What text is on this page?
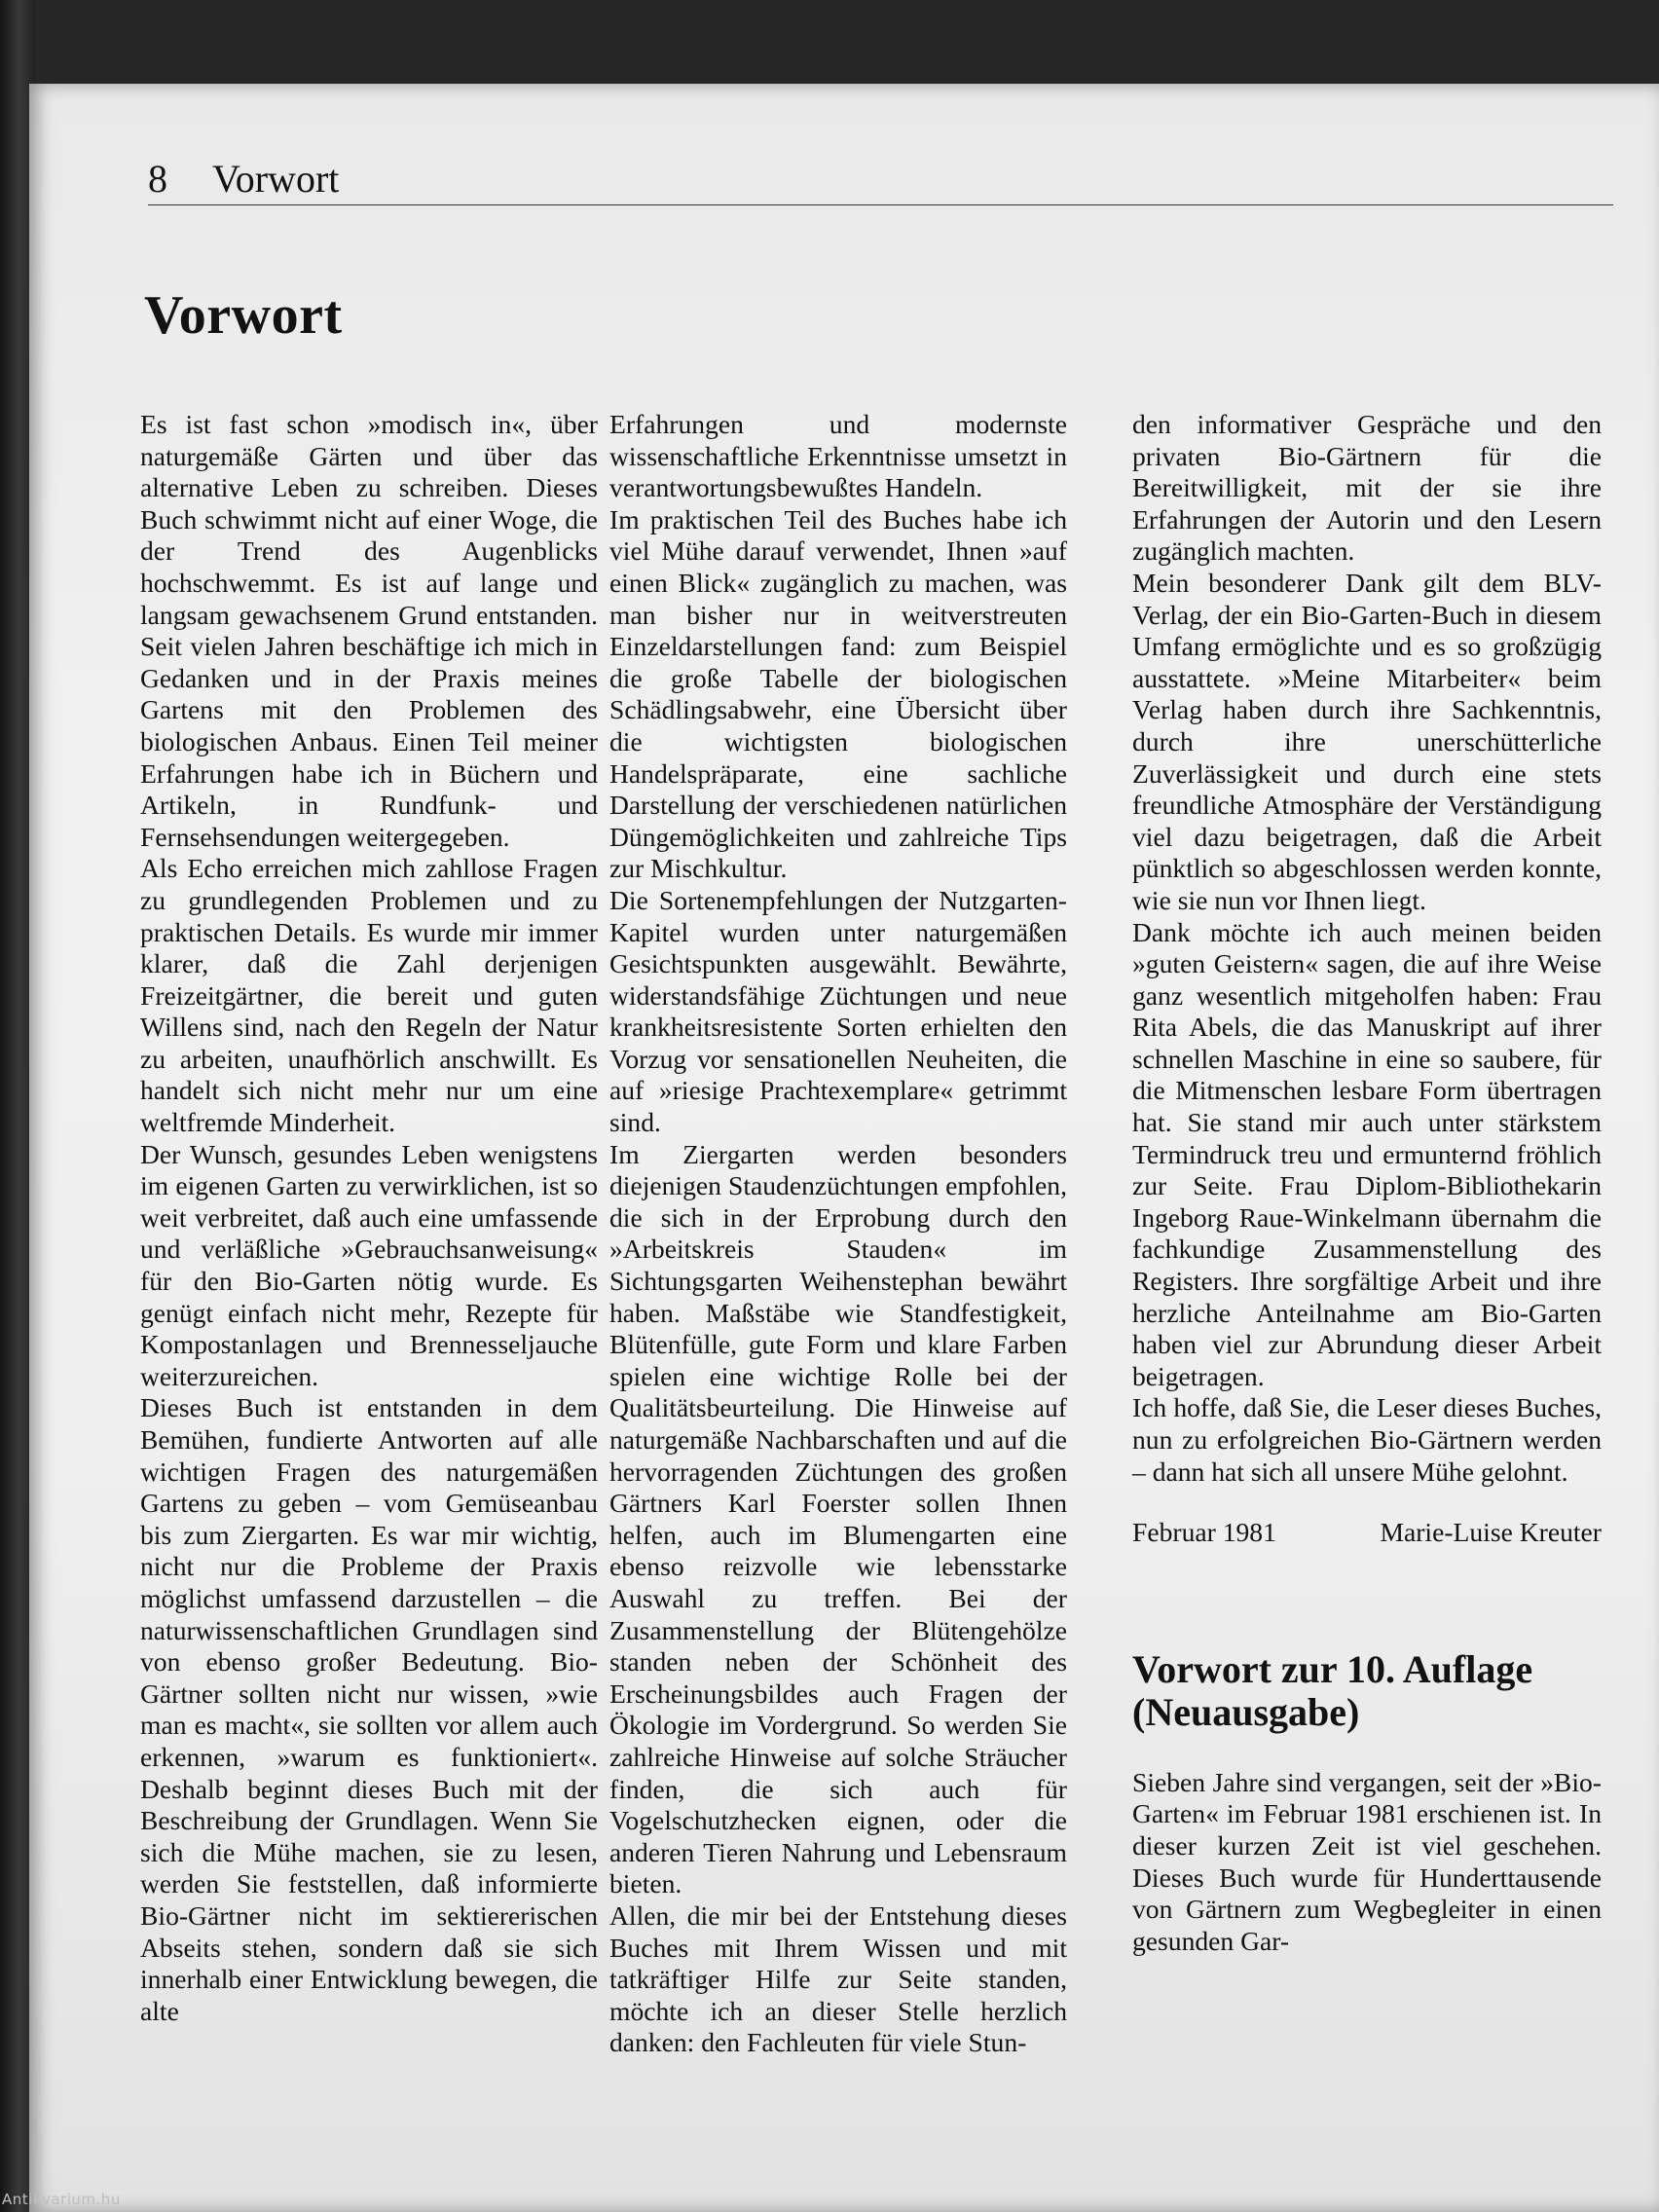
8 Vorwort
Vorwort

Es ist fast schon »modisch in«, über naturgemäße Gärten und über das alternative Leben zu schreiben. Dieses Buch schwimmt nicht auf einer Woge, die der Trend des Augenblicks hochschwemmt. Es ist auf lange und langsam gewachsenem Grund entstanden. Seit vielen Jahren beschäftige ich mich in Gedanken und in der Praxis meines Gartens mit den Problemen des biologischen Anbaus. Einen Teil meiner Erfahrungen habe ich in Büchern und Artikeln, in Rundfunk- und Fernsehsendungen weitergegeben.

Als Echo erreichen mich zahllose Fragen zu grundlegenden Problemen und zu praktischen Details. Es wurde mir immer klarer, daß die Zahl derjenigen Freizeitgärtner, die bereit und guten Willens sind, nach den Regeln der Natur zu arbeiten, unaufhörlich anschwillt. Es handelt sich nicht mehr nur um eine weltfremde Minderheit.

Der Wunsch, gesundes Leben wenigstens im eigenen Garten zu verwirklichen, ist so weit verbreitet, daß auch eine umfassende und verläßliche »Gebrauchsanweisung« für den Bio-Garten nötig wurde. Es genügt einfach nicht mehr, Rezepte für Kompostanlagen und Brennesseljauche weiterzureichen.

Dieses Buch ist entstanden in dem Bemühen, fundierte Antworten auf alle wichtigen Fragen des naturgemäßen Gartens zu geben – vom Gemüseanbau bis zum Ziergarten. Es war mir wichtig, nicht nur die Probleme der Praxis möglichst umfassend darzustellen – die naturwissenschaftlichen Grundlagen sind von ebenso großer Bedeutung. Bio-Gärtner sollten nicht nur wissen, »wie man es macht«, sie sollten vor allem auch erkennen, »warum es funktioniert«. Deshalb beginnt dieses Buch mit der Beschreibung der Grundlagen. Wenn Sie sich die Mühe machen, sie zu lesen, werden Sie feststellen, daß informierte Bio-Gärtner nicht im sektiererischen Abseits stehen, sondern daß sie sich innerhalb einer Entwicklung bewegen, die alte

Erfahrungen und modernste wissenschaftliche Erkenntnisse umsetzt in verantwortungsbewußtes Handeln.

Im praktischen Teil des Buches habe ich viel Mühe darauf verwendet, Ihnen »auf einen Blick« zugänglich zu machen, was man bisher nur in weitverstreuten Einzeldarstellungen fand: zum Beispiel die große Tabelle der biologischen Schädlingsabwehr, eine Übersicht über die wichtigsten biologischen Handelspräparate, eine sachliche Darstellung der verschiedenen natürlichen Düngemöglichkeiten und zahlreiche Tips zur Mischkultur.

Die Sortenempfehlungen der Nutzgarten-Kapitel wurden unter naturgemäßen Gesichtspunkten ausgewählt. Bewährte, widerstandsfähige Züchtungen und neue krankheitsresistente Sorten erhielten den Vorzug vor sensationellen Neuheiten, die auf »riesige Prachtexemplare« getrimmt sind.

Im Ziergarten werden besonders diejenigen Staudenzüchtungen empfohlen, die sich in der Erprobung durch den »Arbeitskreis Stauden« im Sichtungsgarten Weihenstephan bewährt haben. Maßstäbe wie Standfestigkeit, Blütenfülle, gute Form und klare Farben spielen eine wichtige Rolle bei der Qualitätsbeurteilung. Die Hinweise auf naturgemäße Nachbarschaften und auf die hervorragenden Züchtungen des großen Gärtners Karl Foerster sollen Ihnen helfen, auch im Blumengarten eine ebenso reizvolle wie lebensstarke Auswahl zu treffen. Bei der Zusammenstellung der Blütengehölze standen neben der Schönheit des Erscheinungsbildes auch Fragen der Ökologie im Vordergrund. So werden Sie zahlreiche Hinweise auf solche Sträucher finden, die sich auch für Vogelschutzhecken eignen, oder die anderen Tieren Nahrung und Lebensraum bieten.

Allen, die mir bei der Entstehung dieses Buches mit Ihrem Wissen und mit tatkräftiger Hilfe zur Seite standen, möchte ich an dieser Stelle herzlich danken: den Fachleuten für viele Stun-

den informativer Gespräche und den privaten Bio-Gärtnern für die Bereitwilligkeit, mit der sie ihre Erfahrungen der Autorin und den Lesern zugänglich machten.

Mein besonderer Dank gilt dem BLV-Verlag, der ein Bio-Garten-Buch in diesem Umfang ermöglichte und es so großzügig ausstattete. »Meine Mitarbeiter« beim Verlag haben durch ihre Sachkenntnis, durch ihre unerschütterliche Zuverlässigkeit und durch eine stets freundliche Atmosphäre der Verständigung viel dazu beigetragen, daß die Arbeit pünktlich so abgeschlossen werden konnte, wie sie nun vor Ihnen liegt.

Dank möchte ich auch meinen beiden »guten Geistern« sagen, die auf ihre Weise ganz wesentlich mitgeholfen haben: Frau Rita Abels, die das Manuskript auf ihrer schnellen Maschine in eine so saubere, für die Mitmenschen lesbare Form übertragen hat. Sie stand mir auch unter stärkstem Termindruck treu und ermunternd fröhlich zur Seite. Frau Diplom-Bibliothekarin Ingeborg Raue-Winkelmann übernahm die fachkundige Zusammenstellung des Registers. Ihre sorgfältige Arbeit und ihre herzliche Anteilnahme am Bio-Garten haben viel zur Abrundung dieser Arbeit beigetragen.

Ich hoffe, daß Sie, die Leser dieses Buches, nun zu erfolgreichen Bio-Gärtnern werden – dann hat sich all unsere Mühe gelohnt.

Februar 1981	Marie-Luise Kreuter
Vorwort zur 10. Auflage (Neuausgabe)

Sieben Jahre sind vergangen, seit der »Bio-Garten« im Februar 1981 erschienen ist. In dieser kurzen Zeit ist viel geschehen. Dieses Buch wurde für Hunderttausende von Gärtnern zum Wegbegleiter in einen gesunden Gar-

Antikvarium.hu
